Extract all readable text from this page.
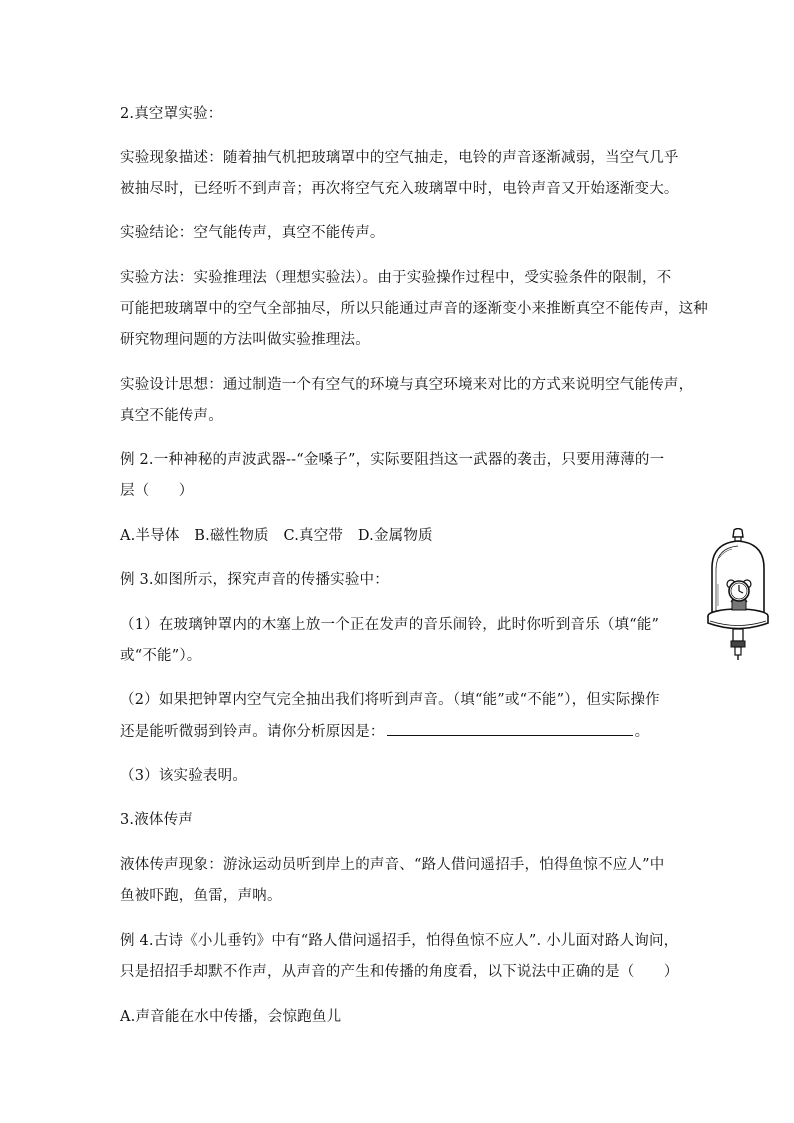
2.真空罩实验：
实验现象描述：随着抽气机把玻璃罩中的空气抽走，电铃的声音逐渐减弱，当空气几乎
被抽尽时，已经听不到声音；再次将空气充入玻璃罩中时，电铃声音又开始逐渐变大。
实验结论：空气能传声，真空不能传声。
实验方法：实验推理法（理想实验法）。由于实验操作过程中，受实验条件的限制，不
可能把玻璃罩中的空气全部抽尽，所以只能通过声音的逐渐变小来推断真空不能传声，这种
研究物理问题的方法叫做实验推理法。
实验设计思想：通过制造一个有空气的环境与真空环境来对比的方式来说明空气能传声，
真空不能传声。
例 2.一种神秘的声波武器--“金嗓子”，实际要阻挡这一武器的袭击，只要用薄薄的一
层（　　）
A.半导体　B.磁性物质　C.真空带　D.金属物质
例 3.如图所示，探究声音的传播实验中：
（1）在玻璃钟罩内的木塞上放一个正在发声的音乐闹铃，此时你听到音乐（填“能”
或“不能”）。
（2）如果把钟罩内空气完全抽出我们将听到声音。（填“能”或“不能”），但实际操作
还是能听微弱到铃声。请你分析原因是：	。
（3）该实验表明。
3.液体传声
液体传声现象：游泳运动员听到岸上的声音、“路人借问遥招手，怕得鱼惊不应人”中
鱼被吓跑，鱼雷，声呐。
例 4.古诗《小儿垂钓》中有“路人借问遥招手，怕得鱼惊不应人”. 小儿面对路人询问，
只是招招手却默不作声，从声音的产生和传播的角度看，以下说法中正确的是（　　）
A.声音能在水中传播，会惊跑鱼儿
